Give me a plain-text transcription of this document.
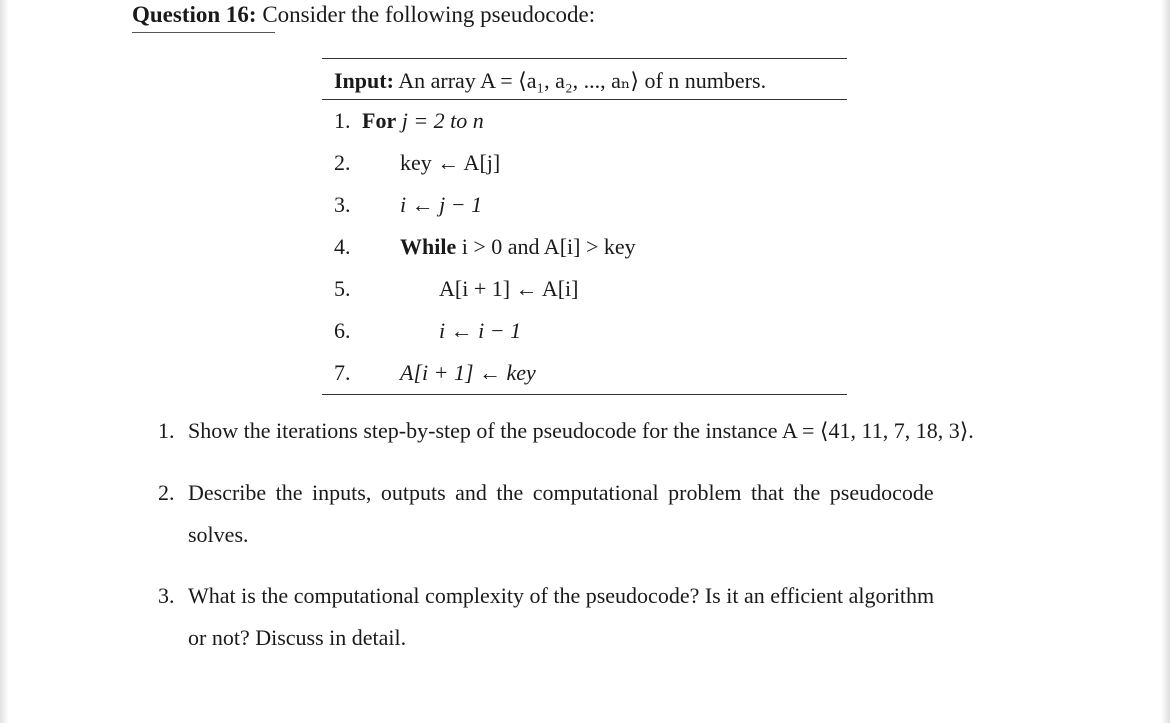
Question 16: Consider the following pseudocode:
Input: An array A = ⟨a₁, a₂, ..., aₙ⟩ of n numbers.
1. For j = 2 to n
2. key ← A[j]
3. i ← j − 1
4. While i > 0 and A[i] > key
5.	A[i + 1] ← A[i]
6.	i ← i − 1
7. A[i + 1] ← key
1. Show the iterations step-by-step of the pseudocode for the instance A = ⟨41, 11, 7, 18, 3⟩.
2. Describe the inputs, outputs and the computational problem that the pseudocode
solves.
3. What is the computational complexity of the pseudocode? Is it an efficient algorithm
or not? Discuss in detail.
